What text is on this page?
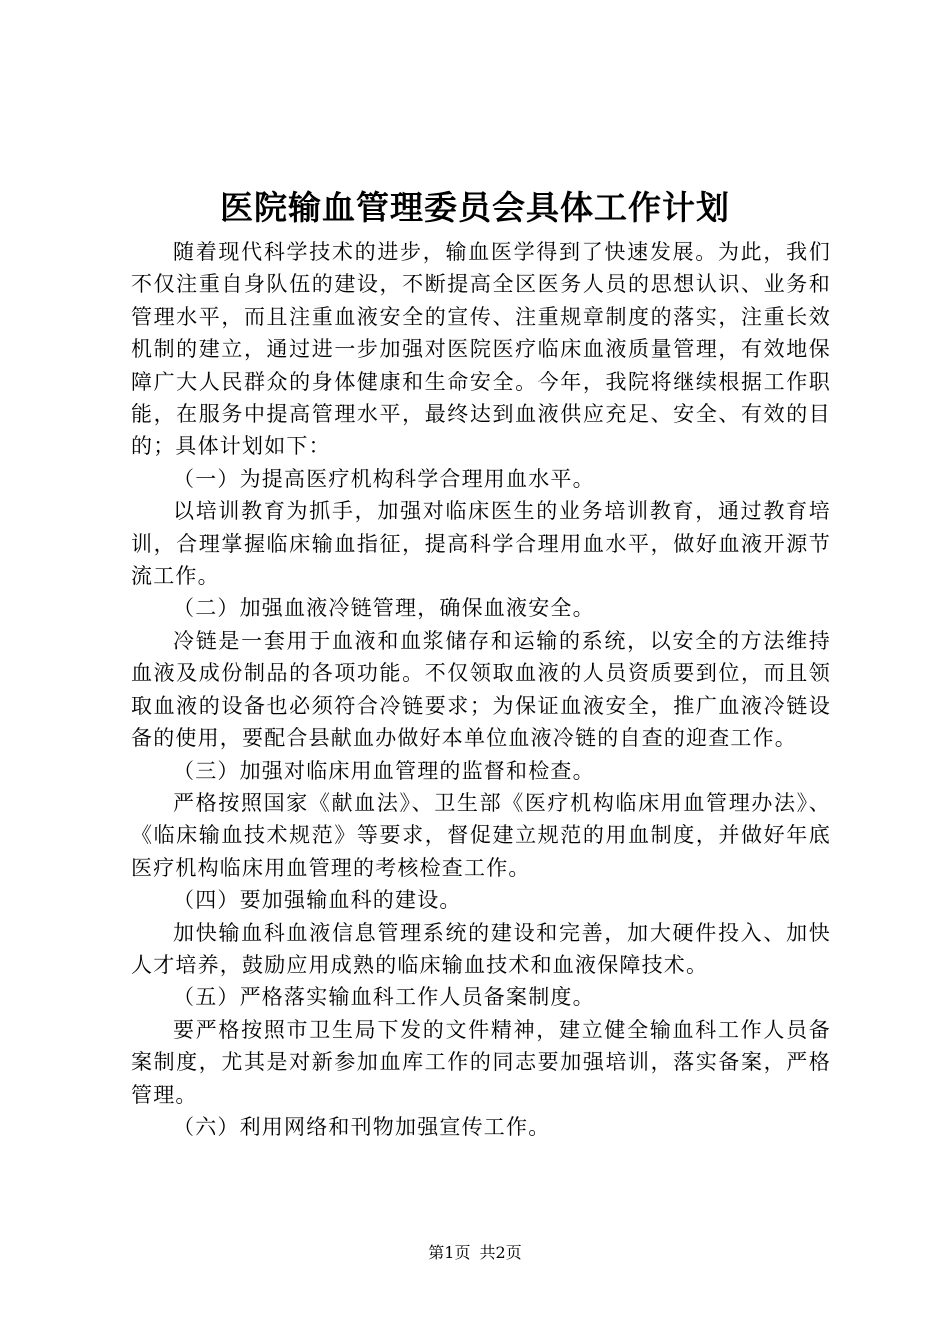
医院输血管理委员会具体工作计划

随着现代科学技术的进步，输血医学得到了快速发展。为此，我们不仅注重自身队伍的建设，不断提高全区医务人员的思想认识、业务和管理水平，而且注重血液安全的宣传、注重规章制度的落实，注重长效机制的建立，通过进一步加强对医院医疗临床血液质量管理，有效地保障广大人民群众的身体健康和生命安全。今年，我院将继续根据工作职能，在服务中提高管理水平，最终达到血液供应充足、安全、有效的目的；具体计划如下：

（一）为提高医疗机构科学合理用血水平。

以培训教育为抓手，加强对临床医生的业务培训教育，通过教育培训，合理掌握临床输血指征，提高科学合理用血水平，做好血液开源节流工作。

（二）加强血液冷链管理，确保血液安全。

冷链是一套用于血液和血浆储存和运输的系统，以安全的方法维持血液及成份制品的各项功能。不仅领取血液的人员资质要到位，而且领取血液的设备也必须符合冷链要求；为保证血液安全，推广血液冷链设备的使用，要配合县献血办做好本单位血液冷链的自查的迎查工作。

（三）加强对临床用血管理的监督和检查。

严格按照国家《献血法》、卫生部《医疗机构临床用血管理办法》、《临床输血技术规范》等要求，督促建立规范的用血制度，并做好年底医疗机构临床用血管理的考核检查工作。

（四）要加强输血科的建设。

加快输血科血液信息管理系统的建设和完善，加大硬件投入、加快人才培养，鼓励应用成熟的临床输血技术和血液保障技术。

（五）严格落实输血科工作人员备案制度。

要严格按照市卫生局下发的文件精神，建立健全输血科工作人员备案制度，尤其是对新参加血库工作的同志要加强培训，落实备案，严格管理。

（六）利用网络和刊物加强宣传工作。

第1页 共2页
